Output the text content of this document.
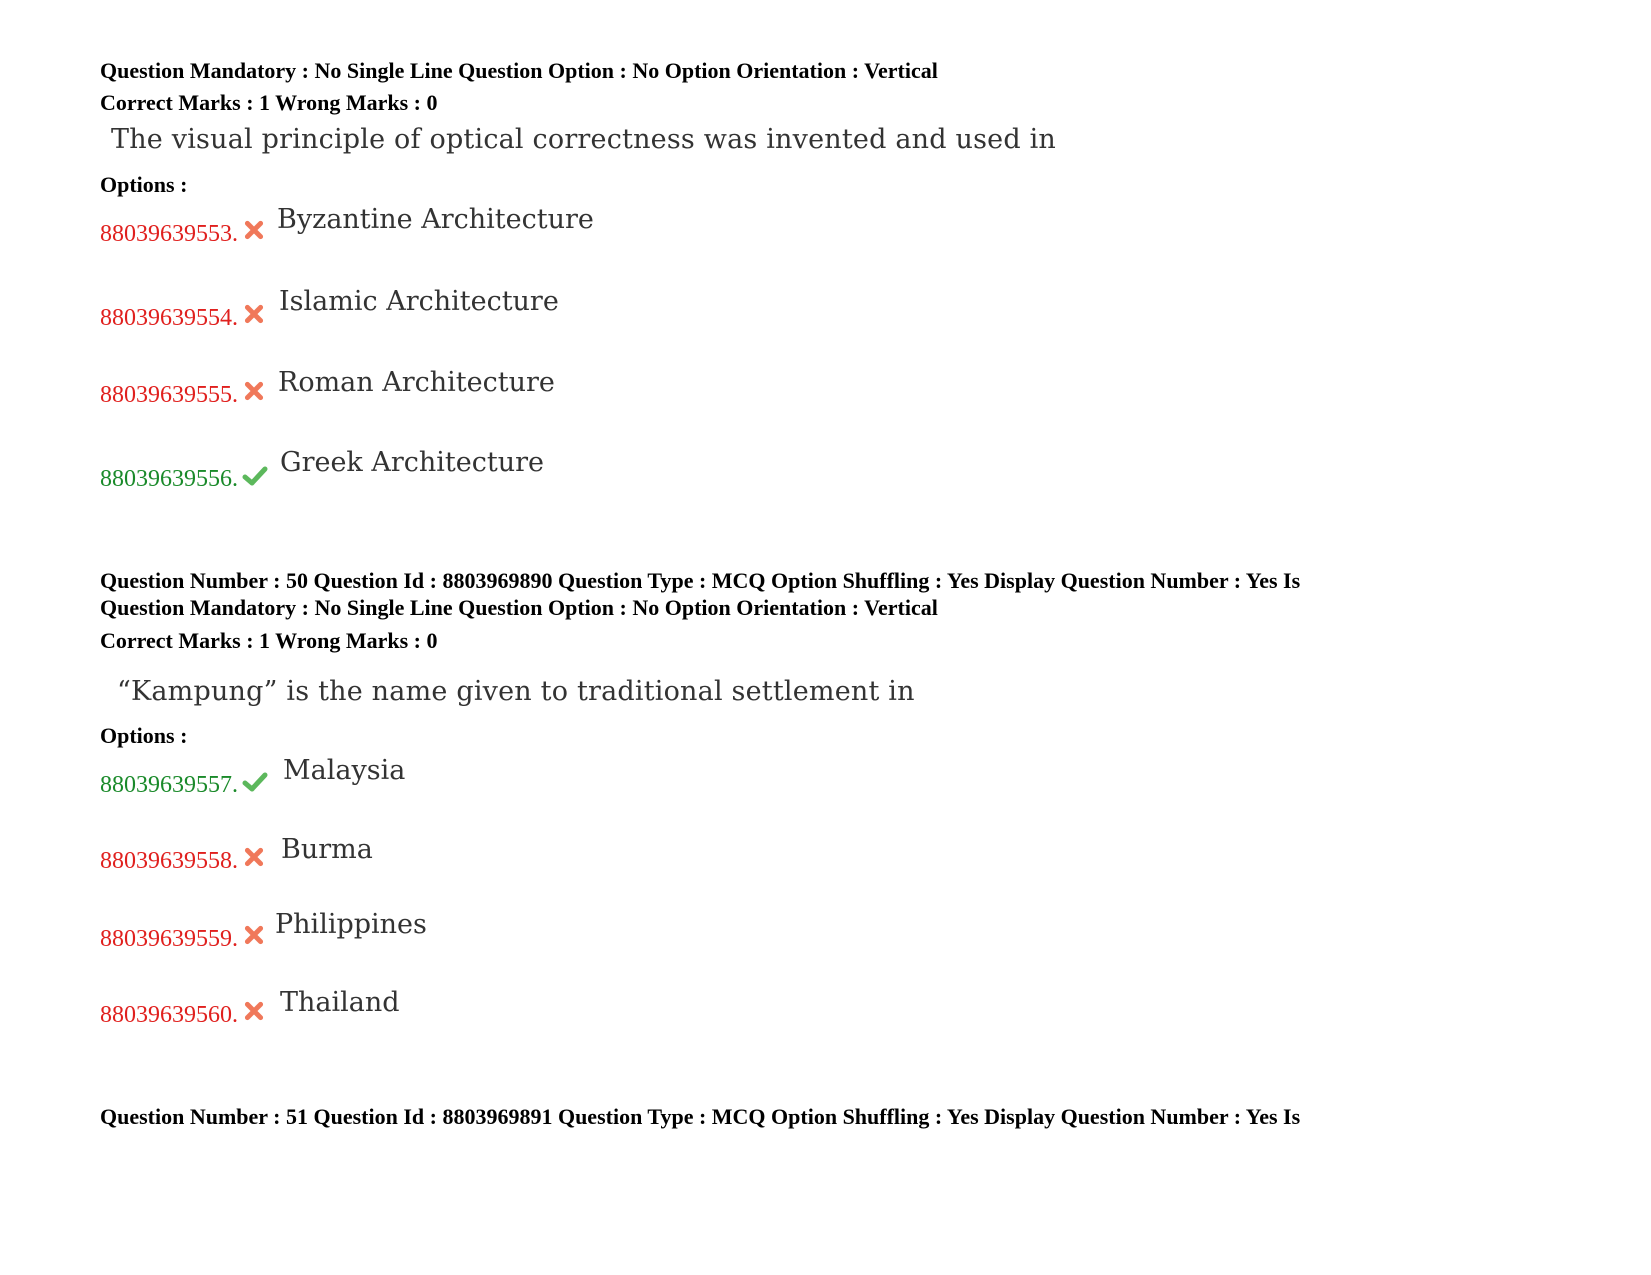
Question Mandatory : No Single Line Question Option : No Option Orientation : Vertical
Correct Marks : 1 Wrong Marks : 0
The visual principle of optical correctness was invented and used in
Options :
88039639553. Byzantine Architecture
88039639554.
Islamic Architecture
88039639555. Roman Architecture
88039639556.
Greek Architecture
Question Number : 50 Question Id : 8803969890 Question Type : MCQ Option Shuffling : Yes Display Question Number : Yes Is
Question Mandatory : No Single Line Question Option : No Option Orientation : Vertical
Correct Marks : 1 Wrong Marks : 0
“Kampung” is the name given to traditional settlement in
Options :
88039639557. Malaysia
88039639558. Burma
88039639559. Philippines
88039639560. Thailand
Question Number : 51 Question Id : 8803969891 Question Type : MCQ Option Shuffling : Yes Display Question Number : Yes Is
